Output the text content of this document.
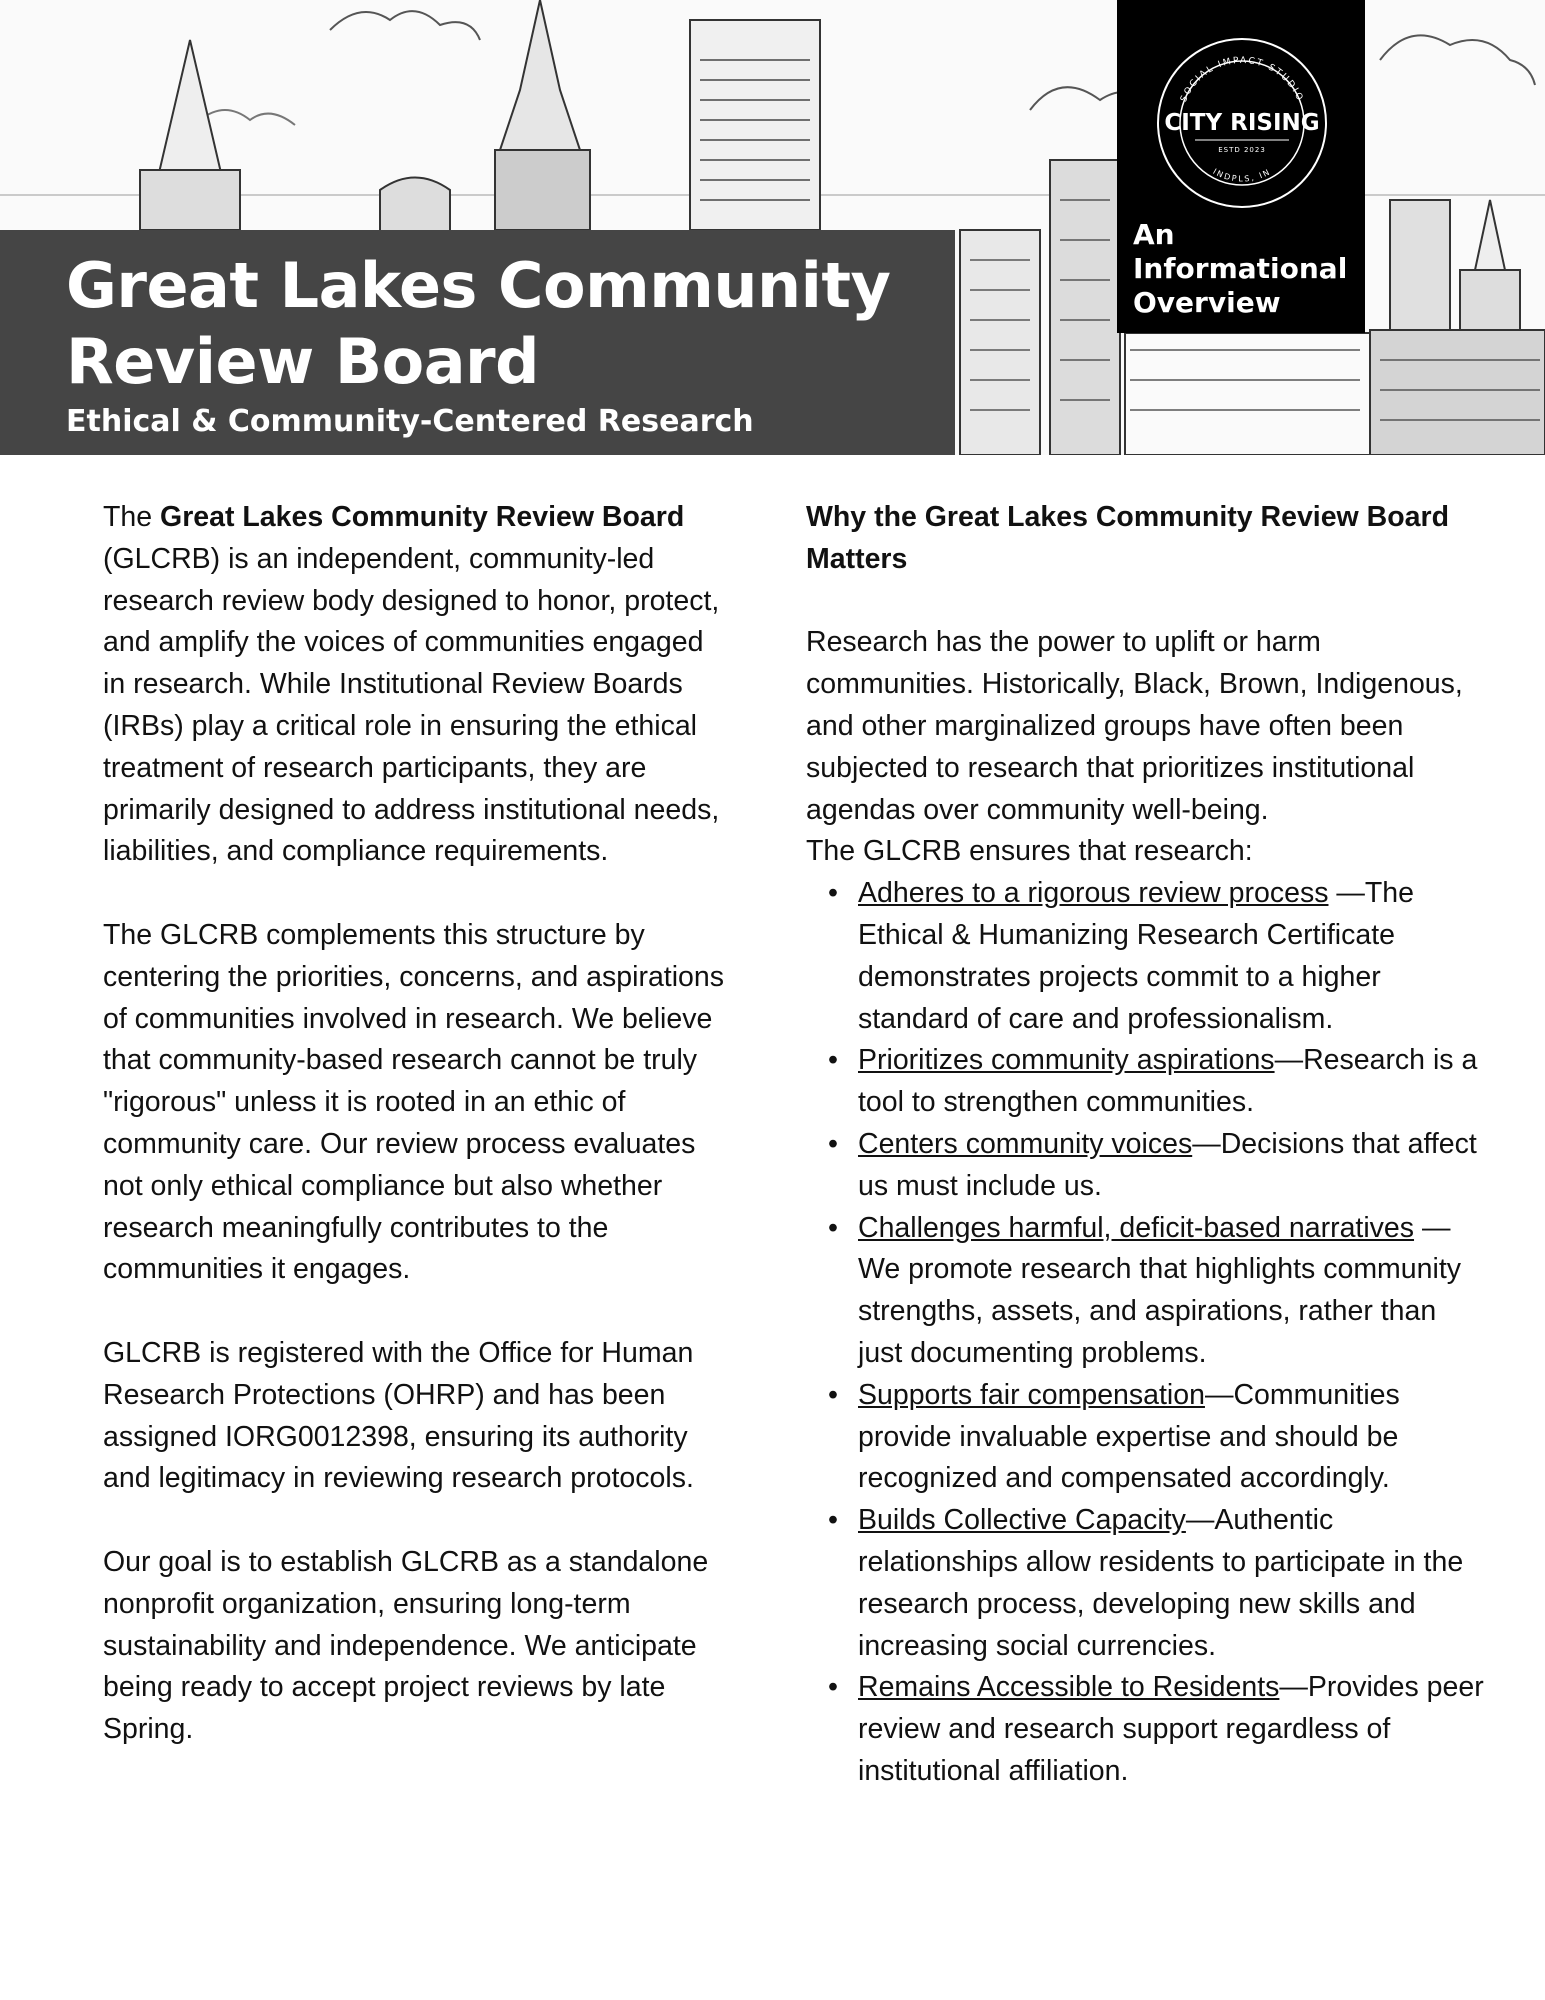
Great Lakes Community
Review Board
Ethical & Community-Centered Research
SOCIAL IMPACT STUDIO
CITY RISING
ESTD 2023
INDPLS, IN
An
Informational
Overview

The Great Lakes Community Review Board (GLCRB) is an independent, community-led research review body designed to honor, protect, and amplify the voices of communities engaged in research. While Institutional Review Boards (IRBs) play a critical role in ensuring the ethical treatment of research participants, they are primarily designed to address institutional needs, liabilities, and compliance requirements.

The GLCRB complements this structure by centering the priorities, concerns, and aspirations of communities involved in research. We believe that community-based research cannot be truly "rigorous" unless it is rooted in an ethic of community care. Our review process evaluates not only ethical compliance but also whether research meaningfully contributes to the communities it engages.

GLCRB is registered with the Office for Human Research Protections (OHRP) and has been assigned IORG0012398, ensuring its authority and legitimacy in reviewing research protocols.

Our goal is to establish GLCRB as a standalone nonprofit organization, ensuring long-term sustainability and independence. We anticipate being ready to accept project reviews by late Spring.

Why the Great Lakes Community Review Board Matters

Research has the power to uplift or harm communities. Historically, Black, Brown, Indigenous, and other marginalized groups have often been subjected to research that prioritizes institutional agendas over community well-being.

The GLCRB ensures that research:

• Adheres to a rigorous review process —The Ethical & Humanizing Research Certificate demonstrates projects commit to a higher standard of care and professionalism.
• Prioritizes community aspirations—Research is a tool to strengthen communities.
• Centers community voices—Decisions that affect us must include us.
• Challenges harmful, deficit-based narratives —We promote research that highlights community strengths, assets, and aspirations, rather than just documenting problems.
• Supports fair compensation—Communities provide invaluable expertise and should be recognized and compensated accordingly.
• Builds Collective Capacity—Authentic relationships allow residents to participate in the research process, developing new skills and increasing social currencies.
• Remains Accessible to Residents—Provides peer review and research support regardless of institutional affiliation.
